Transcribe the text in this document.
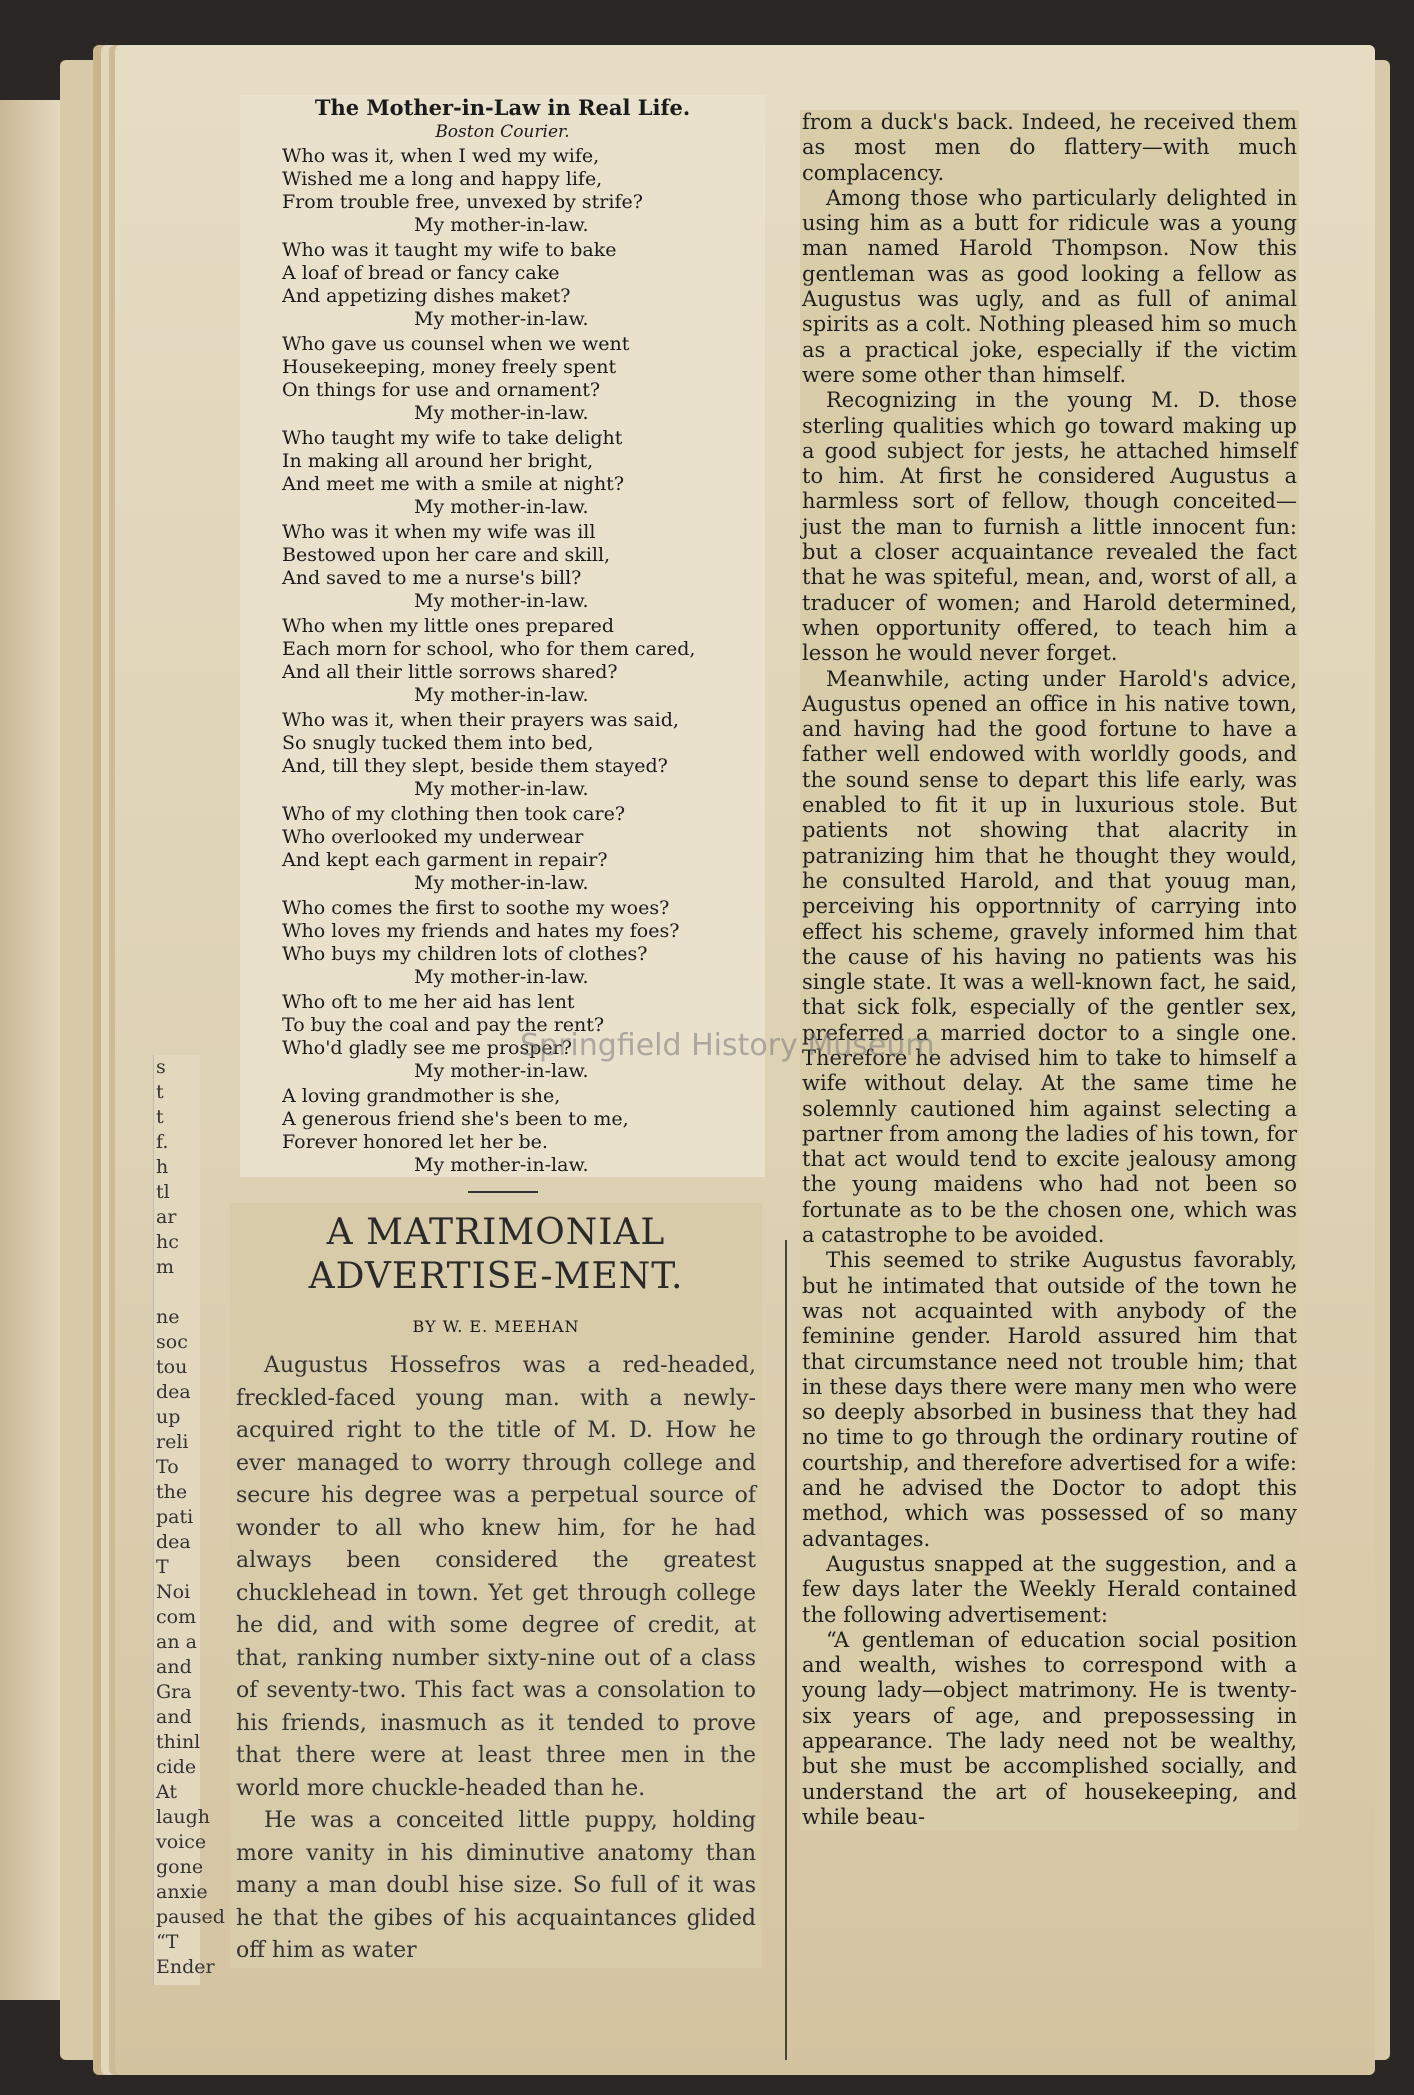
s
t
t
f.
h
tl
ar
hc
m

ne
soc
tou
dea
up
reli
To
the
pati
dea
T
Noi
com
an a
and
Gra
and
thinl
cide
At
laugh
voice
gone
anxie
paused
“T
Ender

The Mother-in-Law in Real Life.

Boston Courier.

Who was it, when I wed my wife,
Wished me a long and happy life,
From trouble free, unvexed by strife?
My mother-in-law.
Who was it taught my wife to bake
A loaf of bread or fancy cake
And appetizing dishes maket?
My mother-in-law.
Who gave us counsel when we went
Housekeeping, money freely spent
On things for use and ornament?
My mother-in-law.
Who taught my wife to take delight
In making all around her bright,
And meet me with a smile at night?
My mother-in-law.
Who was it when my wife was ill
Bestowed upon her care and skill,
And saved to me a nurse's bill?
My mother-in-law.
Who when my little ones prepared
Each morn for school, who for them cared,
And all their little sorrows shared?
My mother-in-law.
Who was it, when their prayers was said,
So snugly tucked them into bed,
And, till they slept, beside them stayed?
My mother-in-law.
Who of my clothing then took care?
Who overlooked my underwear
And kept each garment in repair?
My mother-in-law.
Who comes the first to soothe my woes?
Who loves my friends and hates my foes?
Who buys my children lots of clothes?
My mother-in-law.
Who oft to me her aid has lent
To buy the coal and pay the rent?
Who'd gladly see me prosper?
My mother-in-law.
A loving grandmother is she,
A generous friend she's been to me,
Forever honored let her be.
My mother-in-law.
A MATRIMONIAL ADVERTISE-MENT.
BY W. E. MEEHAN

Augustus Hossefros was a red-headed, freckled-faced young man. with a newly-acquired right to the title of M. D. How he ever managed to worry through college and secure his degree was a perpetual source of wonder to all who knew him, for he had always been considered the greatest chucklehead in town. Yet get through college he did, and with some degree of credit, at that, ranking number sixty-nine out of a class of seventy-two. This fact was a consolation to his friends, inasmuch as it tended to prove that there were at least three men in the world more chuckle-headed than he.

He was a conceited little puppy, holding more vanity in his diminutive anatomy than many a man doubl hise size. So full of it was he that the gibes of his acquaintances glided off him as water

from a duck's back. Indeed, he received them as most men do flattery—with much complacency.

Among those who particularly delighted in using him as a butt for ridicule was a young man named Harold Thompson. Now this gentleman was as good looking a fellow as Augustus was ugly, and as full of animal spirits as a colt. Nothing pleased him so much as a practical joke, especially if the victim were some other than himself.

Recognizing in the young M. D. those sterling qualities which go toward making up a good subject for jests, he attached himself to him. At first he considered Augustus a harmless sort of fellow, though conceited—just the man to furnish a little innocent fun: but a closer acquaintance revealed the fact that he was spiteful, mean, and, worst of all, a traducer of women; and Harold determined, when opportunity offered, to teach him a lesson he would never forget.

Meanwhile, acting under Harold's advice, Augustus opened an office in his native town, and having had the good fortune to have a father well endowed with worldly goods, and the sound sense to depart this life early, was enabled to fit it up in luxurious stole. But patients not showing that alacrity in patranizing him that he thought they would, he consulted Harold, and that youug man, perceiving his opportnnity of carrying into effect his scheme, gravely informed him that the cause of his having no patients was his single state. It was a well-known fact, he said, that sick folk, especially of the gentler sex, preferred a married doctor to a single one. Therefore he advised him to take to himself a wife without delay. At the same time he solemnly cautioned him against selecting a partner from among the ladies of his town, for that act would tend to excite jealousy among the young maidens who had not been so fortunate as to be the chosen one, which was a catastrophe to be avoided.

This seemed to strike Augustus favorably, but he intimated that outside of the town he was not acquainted with anybody of the feminine gender. Harold assured him that that circumstance need not trouble him; that in these days there were many men who were so deeply absorbed in business that they had no time to go through the ordinary routine of courtship, and therefore advertised for a wife: and he advised the Doctor to adopt this method, which was possessed of so many advantages.

Augustus snapped at the suggestion, and a few days later the Weekly Herald contained the following advertisement:

“A gentleman of education social position and wealth, wishes to correspond with a young lady—object matrimony. He is twenty-six years of age, and prepossessing in appearance. The lady need not be wealthy, but she must be accomplished socially, and understand the art of housekeeping, and while beau-

Springfield History Museum
